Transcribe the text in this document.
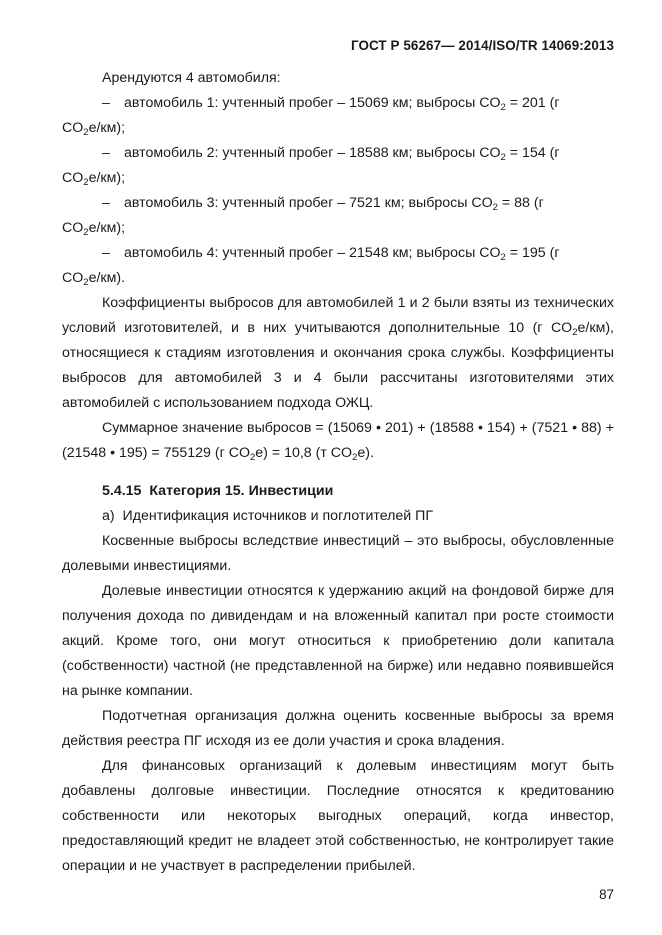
ГОСТ Р 56267— 2014/ISO/TR 14069:2013

Арендуются 4 автомобиля:

– автомобиль 1: учтенный пробег – 15069 км; выбросы $CO_2 = 201$ (г

$CO_2е/км$);

– автомобиль 2: учтенный пробег – 18588 км; выбросы $CO_2 = 154$ (г

$CO_2е/км$);

– автомобиль 3: учтенный пробег – 7521 км; выбросы $CO_2 = 88$ (г

$CO_2е/км$);

– автомобиль 4: учтенный пробег – 21548 км; выбросы $CO_2 = 195$ (г

$CO_2е/км$).

Коэффициенты выбросов для автомобилей 1 и 2 были взяты из технических условий изготовителей, и в них учитываются дополнительные 10 (г $CO_2е/км$), относящиеся к стадиям изготовления и окончания срока службы. Коэффициенты выбросов для автомобилей 3 и 4 были рассчитаны изготовителями этих автомобилей с использованием подхода ОЖЦ.

Суммарное значение выбросов = (15069 • 201) + (18588 • 154) + (7521 • 88) + (21548 • 195) = 755129 (г $CO_2е) = 10,8$ (т $CO_2е$).

5.4.15 Категория 15. Инвестиции

а)  Идентификация источников и поглотителей ПГ

Косвенные выбросы вследствие инвестиций – это выбросы, обусловленные долевыми инвестициями.

Долевые инвестиции относятся к удержанию акций на фондовой бирже для получения дохода по дивидендам и на вложенный капитал при росте стоимости акций. Кроме того, они могут относиться к приобретению доли капитала (собственности) частной (не представленной на бирже) или недавно появившейся на рынке компании.

Подотчетная организация должна оценить косвенные выбросы за время действия реестра ПГ исходя из ее доли участия и срока владения.

Для финансовых организаций к долевым инвестициям могут быть добавлены долговые инвестиции. Последние относятся к кредитованию собственности или некоторых выгодных операций, когда инвестор, предоставляющий кредит не владеет этой собственностью, не контролирует такие операции и не участвует в распределении прибылей.

87
